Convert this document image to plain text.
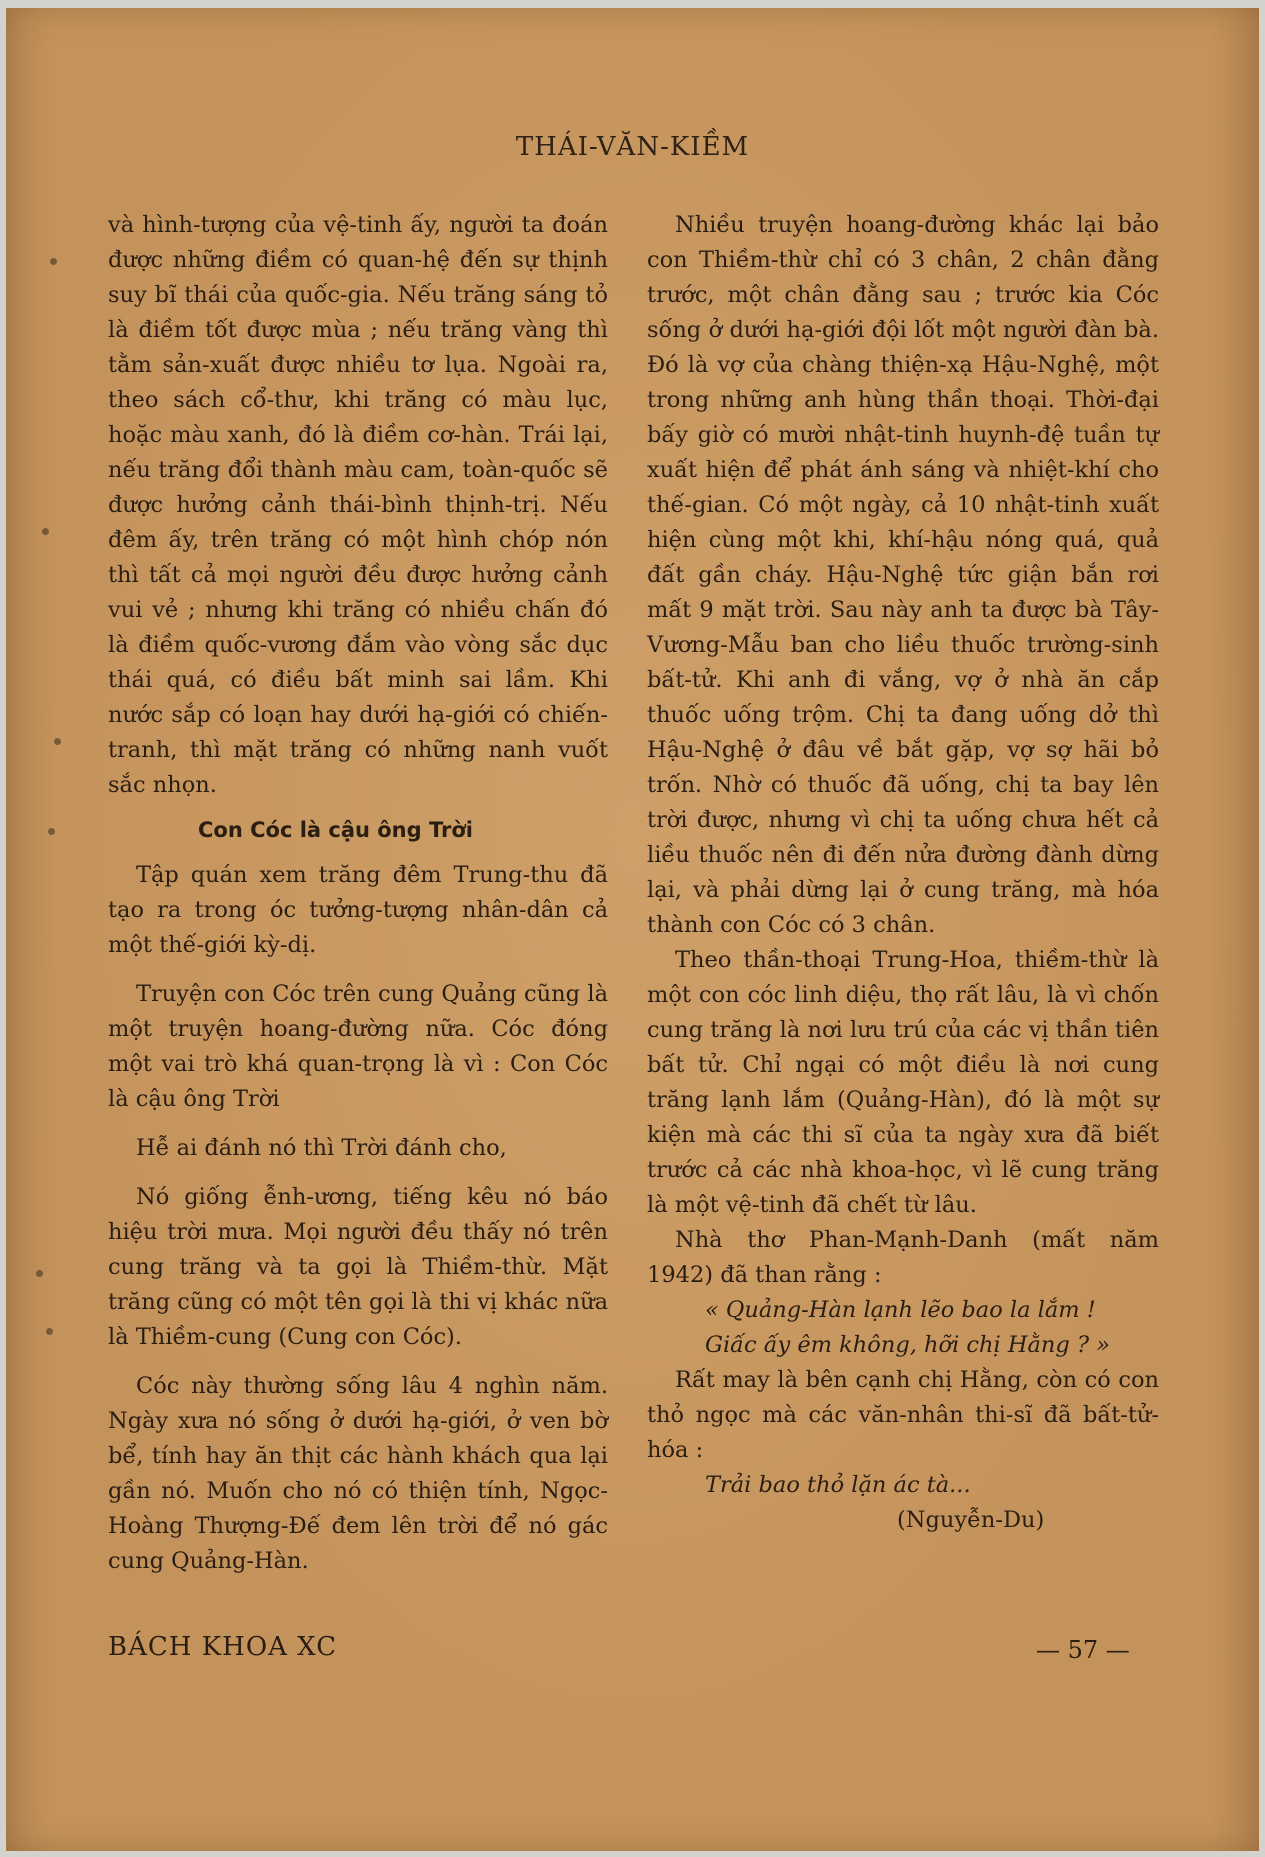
THÁI-VĂN-KIỀM

và hình-tượng của vệ-tinh ấy, người ta đoán được những điềm có quan-hệ đến sự thịnh suy bĩ thái của quốc-gia. Nếu trăng sáng tỏ là điềm tốt được mùa ; nếu trăng vàng thì tằm sản-xuất được nhiều tơ lụa. Ngoài ra, theo sách cổ-thư, khi trăng có màu lục, hoặc màu xanh, đó là điềm cơ-hàn. Trái lại, nếu trăng đổi thành màu cam, toàn-quốc sẽ được hưởng cảnh thái-bình thịnh-trị. Nếu đêm ấy, trên trăng có một hình chóp nón thì tất cả mọi người đều được hưởng cảnh vui vẻ ; nhưng khi trăng có nhiều chấn đó là điềm quốc-vương đắm vào vòng sắc dục thái quá, có điều bất minh sai lầm. Khi nước sắp có loạn hay dưới hạ-giới có chiến-tranh, thì mặt trăng có những nanh vuốt sắc nhọn.

Con Cóc là cậu ông Trời

Tập quán xem trăng đêm Trung-thu đã tạo ra trong óc tưởng-tượng nhân-dân cả một thế-giới kỳ-dị.

Truyện con Cóc trên cung Quảng cũng là một truyện hoang-đường nữa. Cóc đóng một vai trò khá quan-trọng là vì : Con Cóc là cậu ông Trời

Hễ ai đánh nó thì Trời đánh cho,

Nó giống ễnh-ương, tiếng kêu nó báo hiệu trời mưa. Mọi người đều thấy nó trên cung trăng và ta gọi là Thiềm-thừ. Mặt trăng cũng có một tên gọi là thi vị khác nữa là Thiềm-cung (Cung con Cóc).

Cóc này thường sống lâu 4 nghìn năm. Ngày xưa nó sống ở dưới hạ-giới, ở ven bờ bể, tính hay ăn thịt các hành khách qua lại gần nó. Muốn cho nó có thiện tính, Ngọc-Hoàng Thượng-Đế đem lên trời để nó gác cung Quảng-Hàn.

Nhiều truyện hoang-đường khác lại bảo con Thiềm-thừ chỉ có 3 chân, 2 chân đằng trước, một chân đằng sau ; trước kia Cóc sống ở dưới hạ-giới đội lốt một người đàn bà. Đó là vợ của chàng thiện-xạ Hậu-Nghệ, một trong những anh hùng thần thoại. Thời-đại bấy giờ có mười nhật-tinh huynh-đệ tuần tự xuất hiện để phát ánh sáng và nhiệt-khí cho thế-gian. Có một ngày, cả 10 nhật-tinh xuất hiện cùng một khi, khí-hậu nóng quá, quả đất gần cháy. Hậu-Nghệ tức giận bắn rơi mất 9 mặt trời. Sau này anh ta được bà Tây-Vương-Mẫu ban cho liều thuốc trường-sinh bất-tử. Khi anh đi vắng, vợ ở nhà ăn cắp thuốc uống trộm. Chị ta đang uống dở thì Hậu-Nghệ ở đâu về bắt gặp, vợ sợ hãi bỏ trốn. Nhờ có thuốc đã uống, chị ta bay lên trời được, nhưng vì chị ta uống chưa hết cả liều thuốc nên đi đến nửa đường đành dừng lại, và phải dừng lại ở cung trăng, mà hóa thành con Cóc có 3 chân.

Theo thần-thoại Trung-Hoa, thiềm-thừ là một con cóc linh diệu, thọ rất lâu, là vì chốn cung trăng là nơi lưu trú của các vị thần tiên bất tử. Chỉ ngại có một điều là nơi cung trăng lạnh lắm (Quảng-Hàn), đó là một sự kiện mà các thi sĩ của ta ngày xưa đã biết trước cả các nhà khoa-học, vì lẽ cung trăng là một vệ-tinh đã chết từ lâu.

Nhà thơ Phan-Mạnh-Danh (mất năm 1942) đã than rằng :

« Quảng-Hàn lạnh lẽo bao la lắm !

Giấc ấy êm không, hỡi chị Hằng ? »

Rất may là bên cạnh chị Hằng, còn có con thỏ ngọc mà các văn-nhân thi-sĩ đã bất-tử-hóa :

Trải bao thỏ lặn ác tà...

(Nguyễn-Du)

BÁCH KHOA XC	— 57 —
